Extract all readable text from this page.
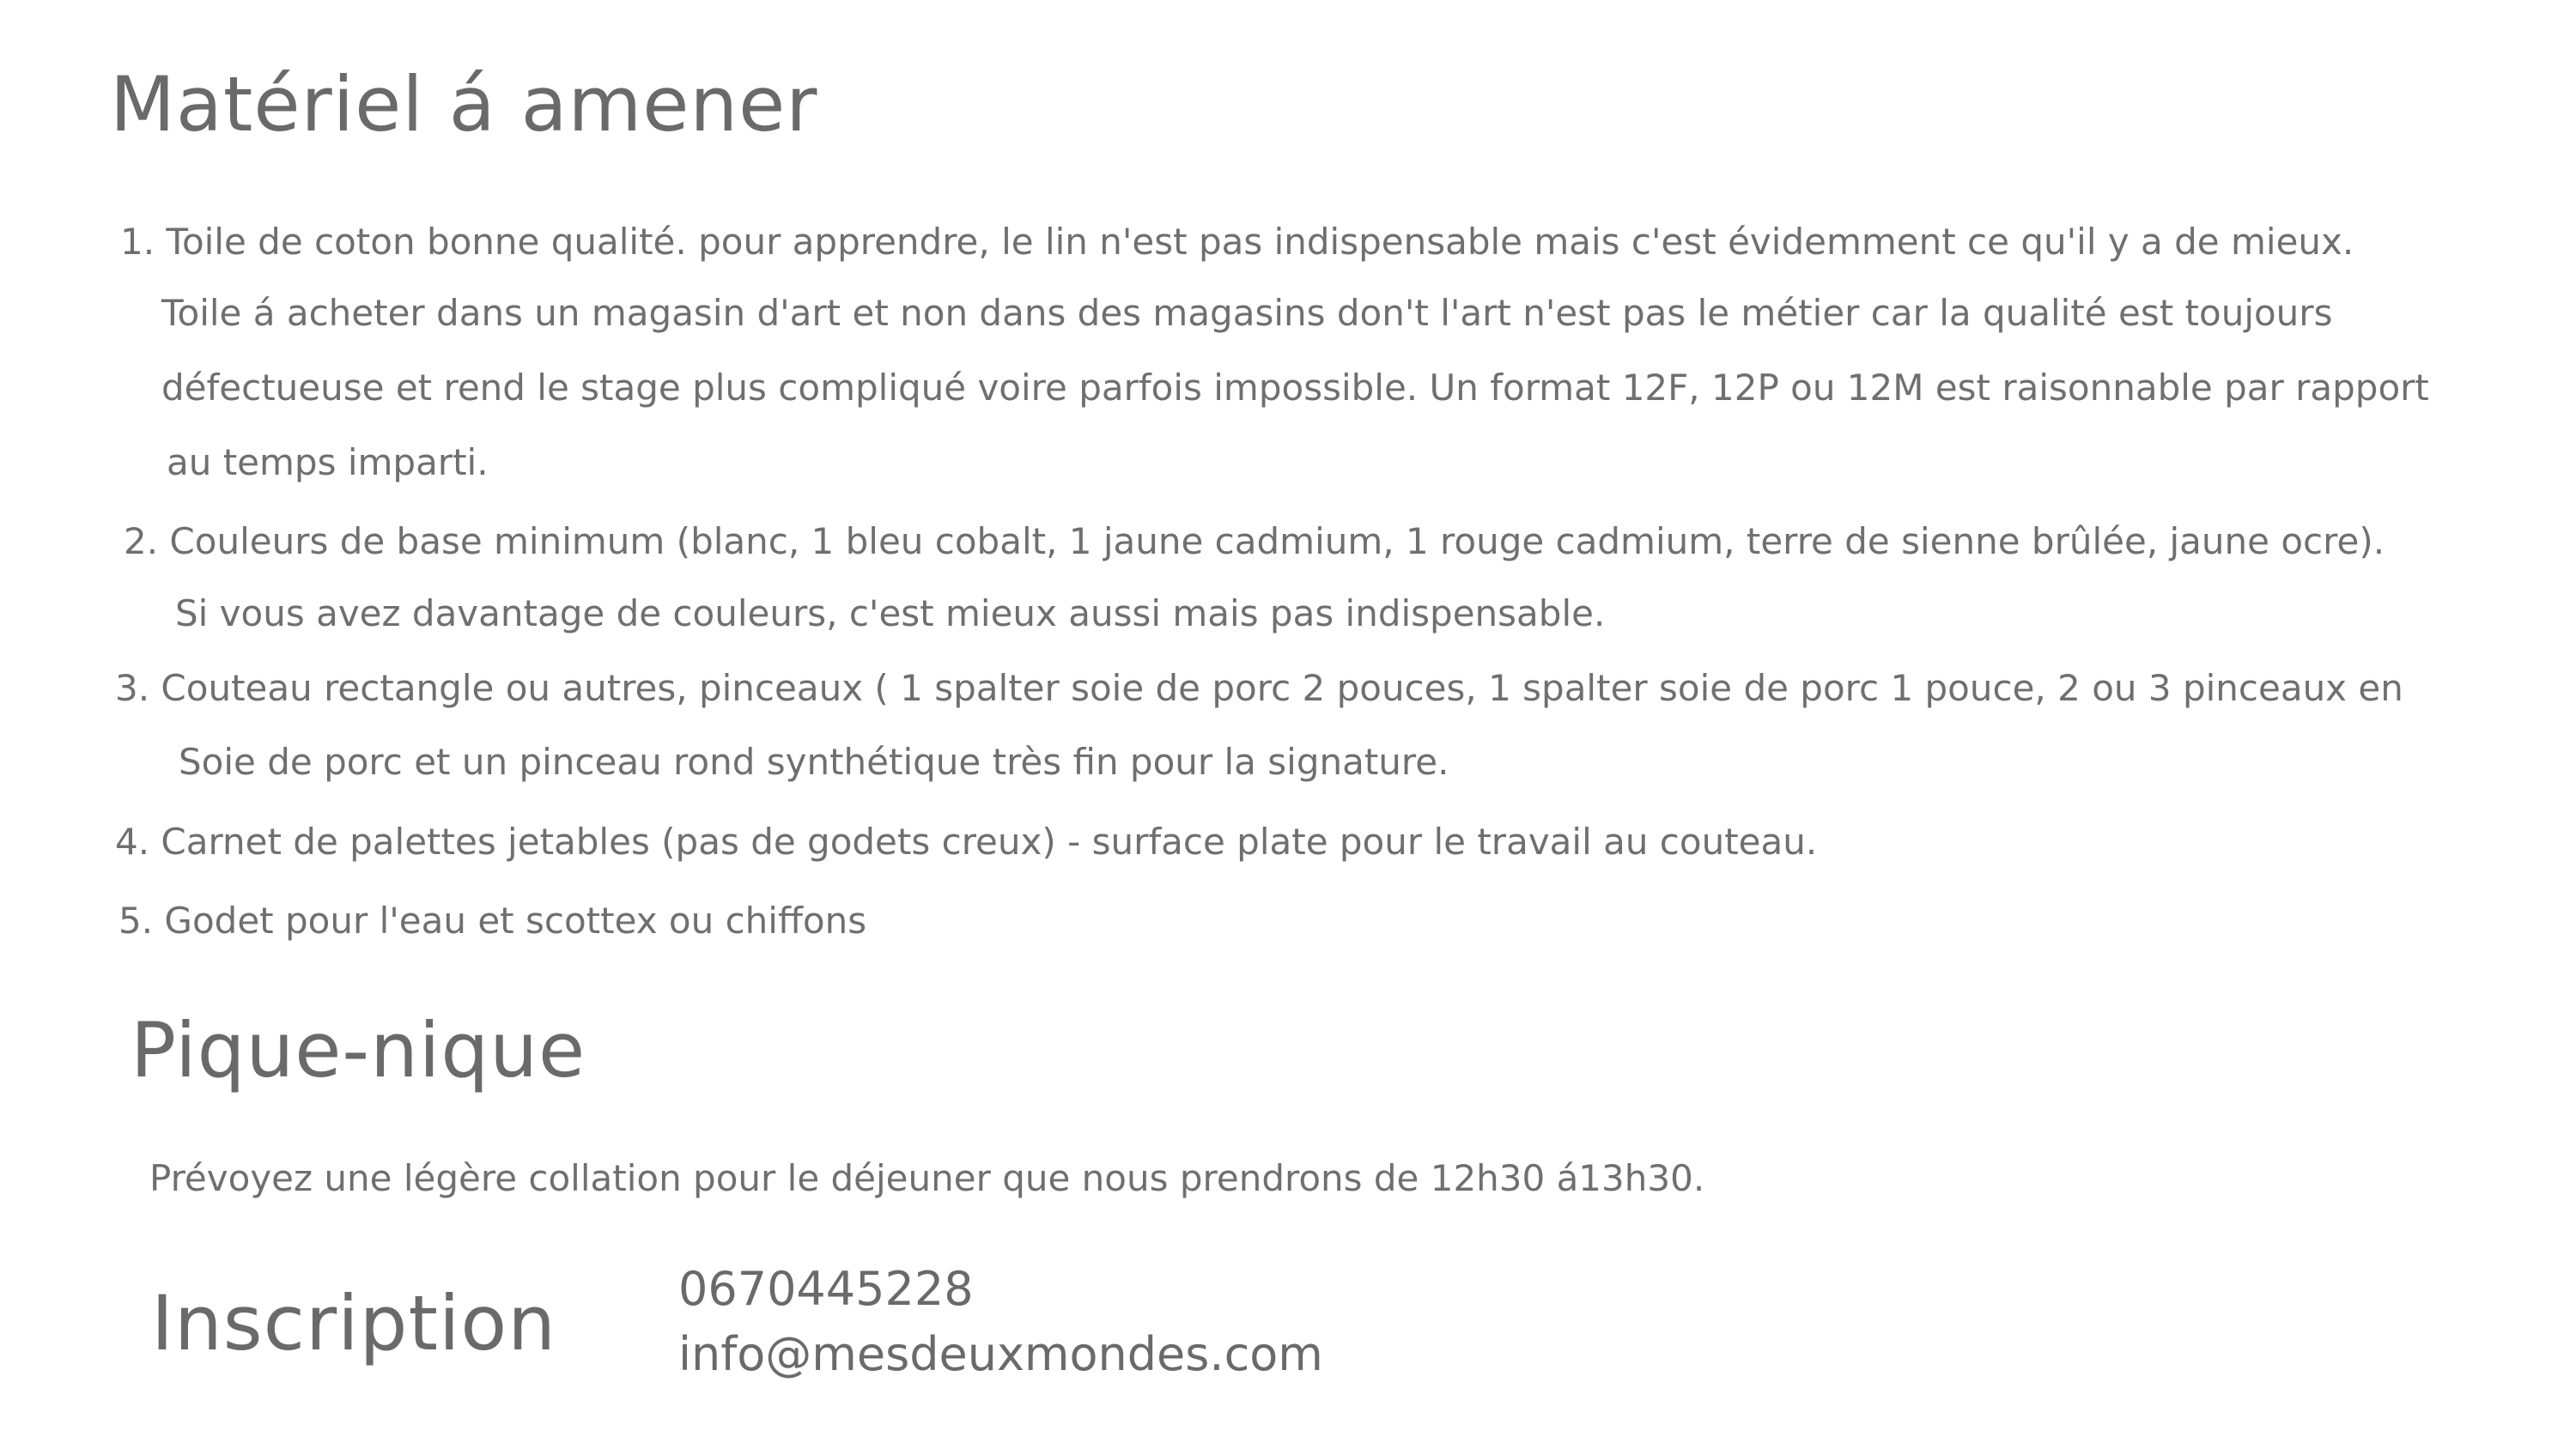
Matériel á amener
1. Toile de coton bonne qualité. pour apprendre, le lin n'est pas indispensable mais c'est évidemment ce qu'il y a de mieux.
Toile á acheter dans un magasin d'art et non dans des magasins don't l'art n'est pas le métier car la qualité est toujours
défectueuse et rend le stage plus compliqué voire parfois impossible. Un format 12F, 12P ou 12M est raisonnable par rapport
au temps imparti.
2. Couleurs de base minimum (blanc, 1 bleu cobalt, 1 jaune cadmium, 1 rouge cadmium, terre de sienne brûlée, jaune ocre).
Si vous avez davantage de couleurs, c'est mieux aussi mais pas indispensable.
3. Couteau rectangle ou autres, pinceaux ( 1 spalter soie de porc 2 pouces, 1 spalter soie de porc 1 pouce, 2 ou 3 pinceaux en
Soie de porc et un pinceau rond synthétique très fin pour la signature.
4. Carnet de palettes jetables (pas de godets creux) - surface plate pour le travail au couteau.
5. Godet pour l'eau et scottex ou chiffons
Pique-nique
Prévoyez une légère collation pour le déjeuner que nous prendrons de 12h30 á13h30.
Inscription	0670445228
info@mesdeuxmondes.com
